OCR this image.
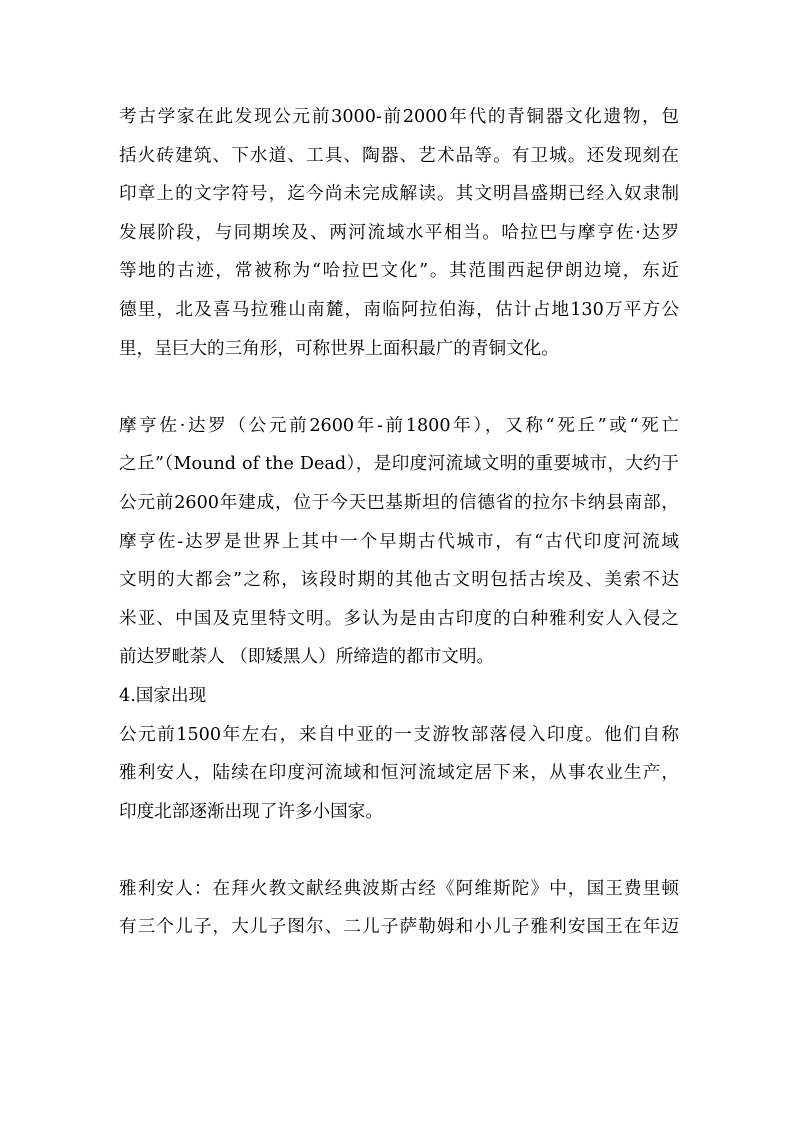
考古学家在此发现公元前3000-前2000年代的青铜器文化遗物，包
括火砖建筑、下水道、工具、陶器、艺术品等。有卫城。还发现刻在
印章上的文字符号，迄今尚未完成解读。其文明昌盛期已经入奴隶制
发展阶段，与同期埃及、两河流域水平相当。哈拉巴与摩亨佐·达罗
等地的古迹，常被称为“哈拉巴文化”。其范围西起伊朗边境，东近
德里，北及喜马拉雅山南麓，南临阿拉伯海，估计占地130万平方公
里，呈巨大的三角形，可称世界上面积最广的青铜文化。
摩亨佐·达罗（公元前2600年-前1800年），又称“死丘”或“死亡
之丘”（Mound of the Dead），是印度河流域文明的重要城市，大约于
公元前2600年建成，位于今天巴基斯坦的信德省的拉尔卡纳县南部，
摩亨佐-达罗是世界上其中一个早期古代城市，有“古代印度河流域
文明的大都会”之称，该段时期的其他古文明包括古埃及、美索不达
米亚、中国及克里特文明。多认为是由古印度的白种雅利安人入侵之
前达罗毗荼人 （即矮黑人）所缔造的都市文明。
4.国家出现
公元前1500年左右，来自中亚的一支游牧部落侵入印度。他们自称
雅利安人，陆续在印度河流域和恒河流域定居下来，从事农业生产，
印度北部逐渐出现了许多小国家。
雅利安人：在拜火教文献经典波斯古经《阿维斯陀》中，国王费里顿
有三个儿子，大儿子图尔、二儿子萨勒姆和小儿子雅利安国王在年迈
